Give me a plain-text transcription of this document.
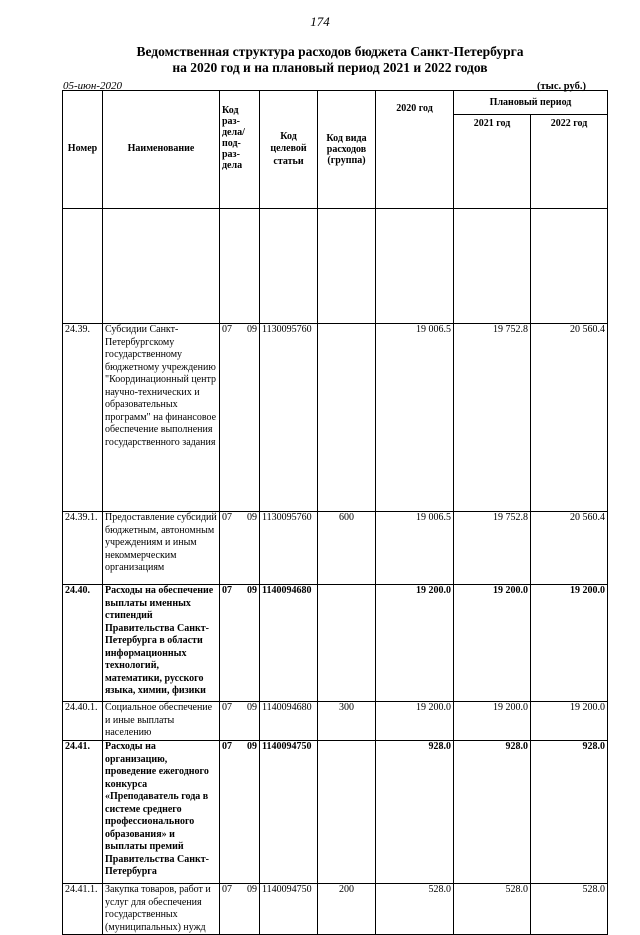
174
Ведомственная структура расходов бюджета Санкт-Петербурга
на 2020 год и на плановый период 2021 и 2022 годов
05-июн-2020	(тыс. руб.)
Номер	Наименование	Код раз-дела/ под-раз-дела	Код целевой статьи	Код вида расходов (группа)	2020 год	Плановый период	
						2021 год	2022 год

24.39.	Субсидии Санкт-Петербургскому государственному бюджетному учреждению "Координационный центр научно-технических и образовательных программ" на финансовое обеспечение выполнения государственного задания	07 09	1130095760		19 006.5	19 752.8	20 560.4
24.39.1.	Предоставление субсидий бюджетным, автономным учреждениям и иным некоммерческим организациям	07 09	1130095760	600	19 006.5	19 752.8	20 560.4
24.40.	Расходы на обеспечение выплаты именных стипендий Правительства Санкт-Петербурга в области информационных технологий, математики, русского языка, химии, физики	07 09	1140094680		19 200.0	19 200.0	19 200.0
24.40.1.	Социальное обеспечение и иные выплаты населению	07 09	1140094680	300	19 200.0	19 200.0	19 200.0
24.41.	Расходы на организацию, проведение ежегодного конкурса «Преподаватель года в системе среднего профессионального образования» и выплаты премий Правительства Санкт-Петербурга	07 09	1140094750		928.0	928.0	928.0
24.41.1.	Закупка товаров, работ и услуг для обеспечения государственных (муниципальных) нужд	07 09	1140094750	200	528.0	528.0	528.0
